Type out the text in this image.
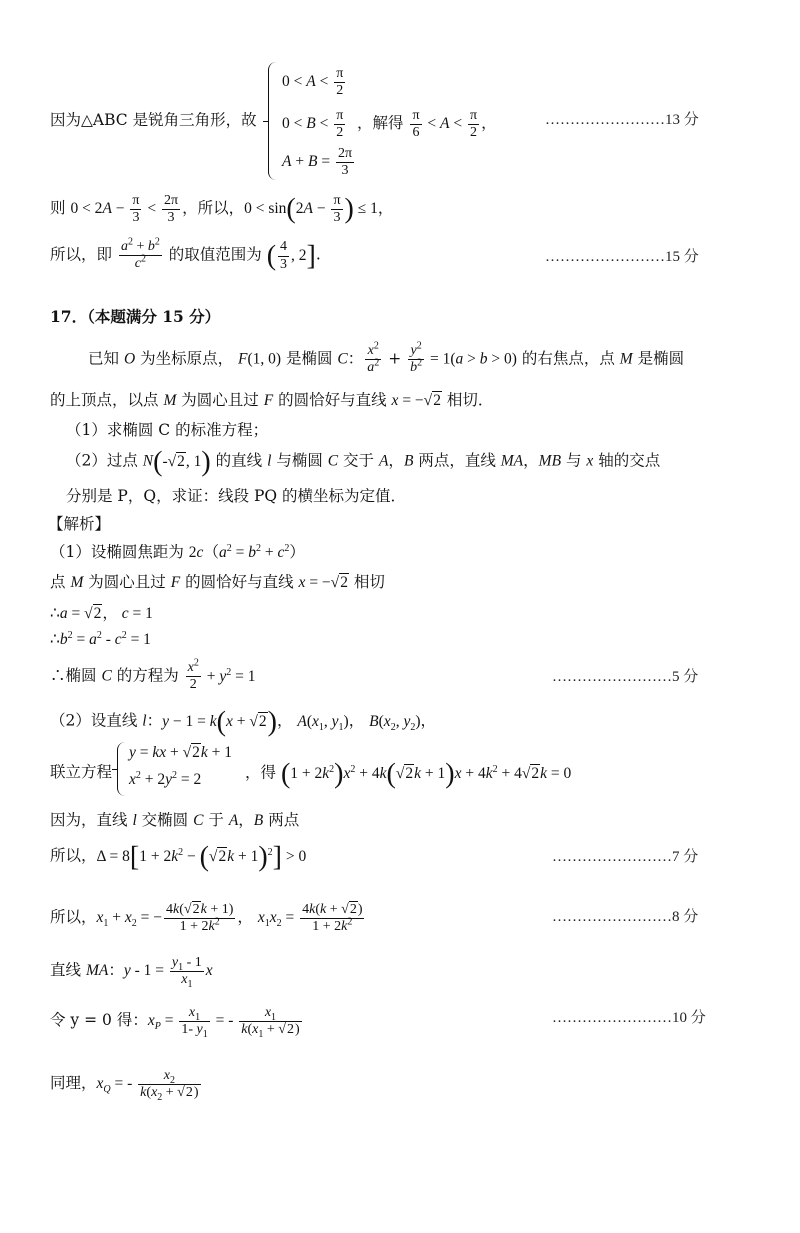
因为△ABC 是锐角三角形，故
$0 < A < \frac{\pi}{2}$
$0 < B < \frac{\pi}{2}$
$A + B = \frac{2\pi}{3}$
，解得 $\frac{\pi}{6} < A < \frac{\pi}{2}$ ，	……………………13 分
则 $0 < 2A - \frac{\pi}{3} < \frac{2\pi}{3}$ ，所以，$0 < \sin(2A - \frac{\pi}{3}$ ) ≤ 1，
所以，即 $\frac{a^2 + b^2}{c^2}$ 的取值范围为 ( $\frac{4}{3}$ , 2].	……………………15 分
17．（本题满分 15 分）
已知 O 为坐标原点， F(1, 0) 是椭圆 C： $\frac{x^2}{a^2} + \frac{y^2}{b^2} = 1(a > b > 0)$ 的右焦点，点 M 是椭圆
的上顶点，以点 M 为圆心且过 F 的圆恰好与直线 x = −√2 相切．
（1）求椭圆 C 的标准方程；
（2）过点 N(-√2, 1) 的直线 l 与椭圆 C 交于 A，B 两点，直线 MA，MB 与 x 轴的交点
分别是 P，Q，求证：线段 PQ 的横坐标为定值．
【解析】
（1）设椭圆焦距为 $2c(a^2 = b^2 + c^2)$
点 M 为圆心且过 F 的圆恰好与直线 x = −√2 相切
∴a = √2， c = 1
$\therefore b^2 = a^2 - c^2 = 1$
∴椭圆 C 的方程为 $\frac{x^2}{2} + y^2 = 1$	……………………5 分
（2）设直线 l：y − 1 = k(x + √2)， $A(x_1$, $y_1$)， $B(x_2$, $y_2$)，
联立方程
y = kx + √2k + 1
$x^2 + 2y^2 = 2$	，得 $(1 + 2k^2)x^2 + 4k(√2k + 1)x + 4k^2 + 4√2k = 0$
因为，直线 l 交椭圆 C 于 A，B 两点
所以，$\Delta = 8[1 + 2k^2 - (√2k + 1)^2] > 0$	……………………7 分
所以，$x_1 + x_2$ = − $\frac{4k(√2k + 1)}{1 + 2k^2}$ ， $x_1x_2 = \frac{4k(k + √2)}{1 + 2k^2}$	……………………8 分
直线 MA：$y - 1 = \frac{y_1 - 1}{x_1}$ x
令 y = 0 得：$x_P = \frac{x_1}{1- y_1}$ = - $\frac{x_1}{k(x_1 + √2)}$	……………………10 分
同理，$x_Q$ = - $\frac{x_2}{k(x_2 + √2)}$
